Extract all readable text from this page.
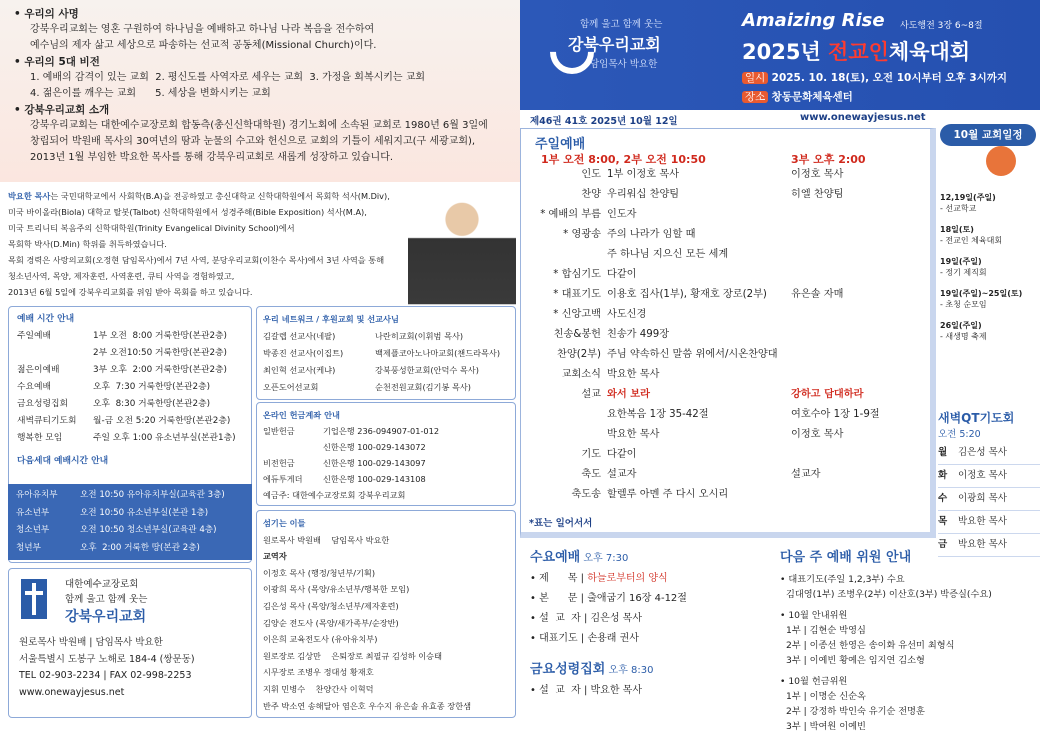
• 우리의 사명
강북우리교회는 영혼 구원하여 하나님을 예배하고 하나님 나라 복음을 전수하여
예수님의 제자 삶고 세상으로 파송하는 선교적 공동체(Missional Church)이다.
• 우리의 5대 비전
1. 예배의 감격이 있는 교회  2. 평신도를 사역자로 세우는 교회  3. 가정을 회복시키는 교회
4. 젊은이를 깨우는 교회      5. 세상을 변화시키는 교회
• 강북우리교회 소개
강북우리교회는 대한예수교장로회 합동측(총신신학대학원) 경기노회에 소속된 교회로 1980년 6월 3일에
창립되어 박원배 목사의 30여년의 땀과 눈물의 수고와 헌신으로 교회의 기틀이 세워지고(구 세광교회),
2013년 1월 부임한 박요한 목사를 통해 강북우리교회로 새롭게 성장하고 있습니다.
박요한 목사는 국민대학교에서 사회학(B.A)을 전공하였고 총신대학교 신학대학원에서 목회학 석사(M.Div),
미국 바이올라(Biola) 대학교 탈봇(Talbot) 신학대학원에서 성경주해(Bible Exposition) 석사(M.A),
미국 트리니티 복음주의 신학대학원(Trinity Evangelical Divinity School)에서
목회학 박사(D.Min) 학위를 취득하였습니다.
목회 경력은 사랑의교회(오정현 담임목사)에서 7년 사역, 분당우리교회(이찬수 목사)에서 3년 사역을 통해
청소년사역, 목양, 제자훈련, 사역훈련, 큐티 사역을 경험하였고,
2013년 6월 5일에 강북우리교회를 위임 받아 목회를 하고 있습니다.
예배 시간 안내
주일예배	1부 오전  8:00 거룩한땅(본관2층)
2부 오전10:50 거룩한땅(본관2층)
젊은이예배	3부 오후  2:00 거룩한땅(본관2층)
수요예배	오후  7:30 거룩한땅(본관2층)
금요성령집회	오후  8:30 거룩한땅(본관2층)
새벽큐티기도회	월-금 오전 5:20 거룩한땅(본관2층)
행복한 모임	주일 오후 1:00 유소년부실(본관1층)
다음세대 예배시간 안내
유아유치부	오전 10:50 유아유치부실(교육관 3층)
유소년부	오전 10:50 유소년부실(본관 1층)
청소년부	오전 10:50 청소년부실(교육관 4층)
청년부	오후  2:00 거룩한 땅(본관 2층)
대한예수교장로회
함께 울고 함께 웃는
강북우리교회
원로목사 박원배 | 담임목사 박요한
서울특별시 도봉구 노해로 184-4 (쌍문동)
TEL 02-903-2234 | FAX 02-998-2253
www.onewayjesus.net
우리 네트워크 / 후원교회 및 선교사님
김갈렙 선교사(네팔)	나란히교회(이휘범 목사)
박종진 선교사(이집트)	백제플코아노나마교회(챈드라목사)
최인혁 선교사(케냐)	강북풍성한교회(안덕수 목사)
오픈도어선교회	순천전원교회(김기봉 목사)
온라인 헌금계좌 안내
일반헌금	기업은행 236-094907-01-012
신한은행 100-029-143072
비전헌금	신한은행 100-029-143097
에듀투게더	신한은행 100-029-143108
예금주: 대한예수교장로회 강북우리교회
섬기는 이들
원로목사 박원배    담임목사 박요한
교역자
이정호 목사 (행정/청년부/기획)
이광희 목사 (목양/유소년부/행복한 모임)
김은성 목사 (목양/청소년부/제자훈련)
김양순 전도사 (목양/새가족부/순장반)
이은희 교육전도사 (유아유치부)
원로장로 김상만    은퇴장로 최필규 김성하 이승태
시무장로 조병우 정대성 황재호
지휘 민병수    찬양간사 이혁덕
반주 박소연 송해달아 염은호 우수지 유은솔 유효종 장한샘
함께 울고 함께 웃는
강북우리교회
담임목사 박요한
Amaizing Rise 사도행전 3장 6~8절
2025년 전교인체육대회
일시 2025. 10. 18(토), 오전 10시부터 오후 3시까지
장소 창동문화체육센터
제46권 41호 2025년 10월 12일	www.onewayjesus.net
주일예배
1부 오전 8:00, 2부 오전 10:50	3부 오후 2:00
인도 1부 이정호 목사	이정호 목사
찬양 우리워십 찬양팀	히엘 찬양팀
* 예배의 부름 인도자
* 영광송 주의 나라가 임할 때
주 하나님 지으신 모든 세계
* 합심기도 다같이
* 대표기도 이용호 집사(1부), 황재호 장로(2부) 유은솔 자매
* 신앙고백 사도신경
친송&봉헌 친송가 499장
찬양(2부) 주님 약속하신 말씀 위에서/시온찬양대
교회소식 박요한 목사
설교 와서 보라	강하고 담대하라
요한복음 1장 35-42절	여호수아 1장 1-9절
박요한 목사	이정호 목사
기도 다같이
축도 설교자	설교자
축도송 할렐루 아멘 주 다시 오시리
*표는 일어서서
10월 교회일정
12,19일(주일)
- 선교학교
18일(토)
- 전교인 체육대회
19일(주일)
- 정기 제직회
19일(주일)~25일(토)
- 초청 순모임
26일(주일)
- 새생명 축제
새벽QT기도회
오전 5:20
월	김은성 목사
화	이정호 목사
수	이광희 목사
목	박요한 목사
금	박요한 목사
수요예배 오후 7:30
• 제      목 | 하늘로부터의 양식
• 본      문 | 출애굽기 16장 4-12절
• 설  교  자 | 김은성 목사
• 대표기도 | 손용래 권사
금요성령집회 오후 8:30
• 설  교  자 | 박요한 목사
다음 주 예배 위원 안내
• 대표기도(주일 1,2,3부) 수요
김대영(1부) 조병우(2부) 이산호(3부) 박증실(수요)
• 10월 안내위원
1부 | 김현순 박영심
2부 | 이종선 한영은 송이화 유선미 최형식
3부 | 이예빈 황예은 임지연 김소형
• 10월 헌금위원
1부 | 이명순 신순옥
2부 | 강정하 박인숙 유기순 전명훈
3부 | 박여원 이예빈
